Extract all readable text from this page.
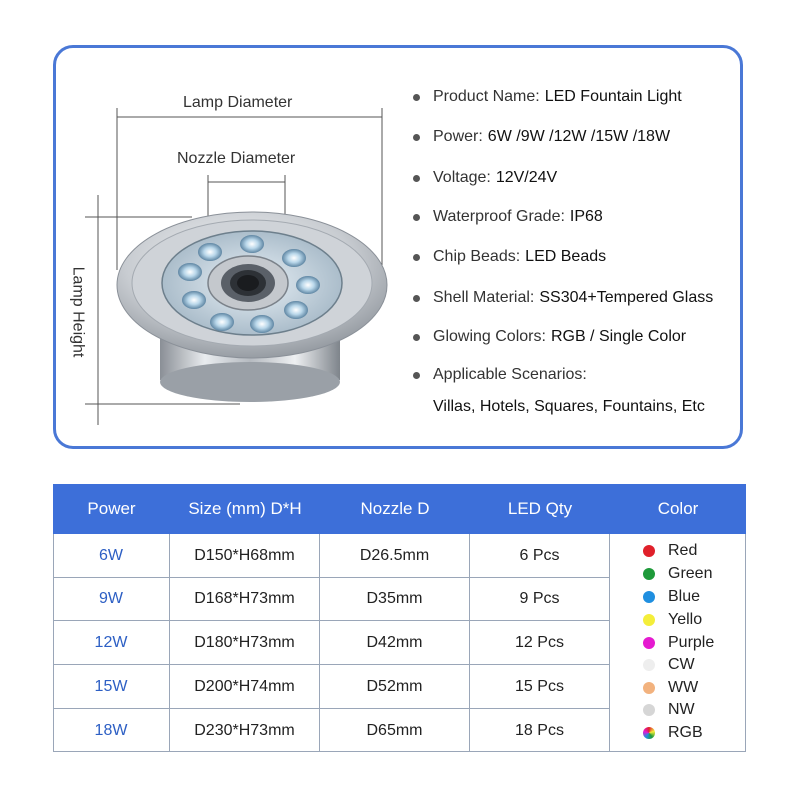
Lamp Diameter
Nozzle Diameter
Lamp Height
Product Name: LED Fountain Light
Power: 6W /9W /12W /15W /18W
Voltage: 12V/24V
Waterproof Grade: IP68
Chip Beads: LED Beads
Shell Material: SS304+Tempered Glass
Glowing Colors: RGB / Single Color
Applicable Scenarios:
Villas, Hotels, Squares, Fountains, Etc
Power	Size (mm) D*H	Nozzle D	LED Qty	Color
6W	D150*H68mm	D26.5mm	6 Pcs
9W	D168*H73mm	D35mm	9 Pcs
12W	D180*H73mm	D42mm	12 Pcs
15W	D200*H74mm	D52mm	15 Pcs
18W	D230*H73mm	D65mm	18 Pcs
Red
Green
Blue
Yello
Purple
CW
WW
NW
RGB
